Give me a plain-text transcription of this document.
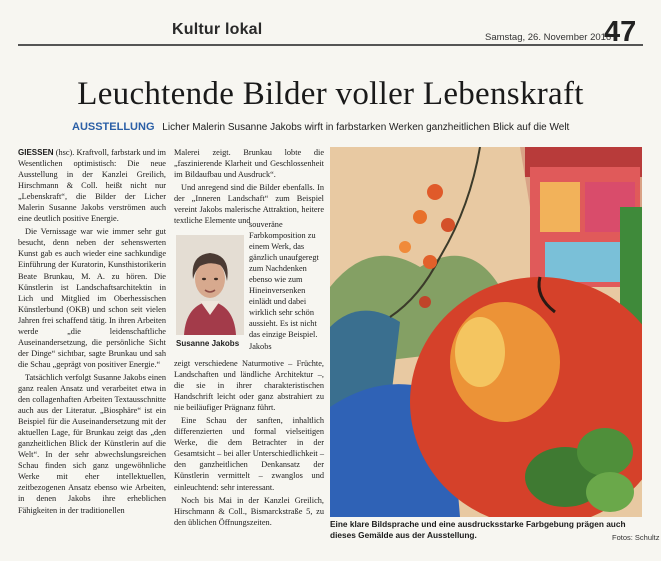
Kultur lokal	Samstag, 26. November 2016
47
Leuchtende Bilder voller Lebenskraft
AUSSTELLUNG Licher Malerin Susanne Jakobs wirft in farbstarken Werken ganzheitlichen Blick auf die Welt

GIESSEN (hsc). Kraftvoll, farbstark und im Wesentlichen optimistisch: Die neue Ausstellung in der Kanzlei Greilich, Hirschmann & Coll. heißt nicht nur „Lebenskraft“, die Bilder der Licher Malerin Susanne Jakobs verströmen auch eine deutlich positive Energie.

Die Vernissage war wie immer sehr gut besucht, denn neben der sehenswerten Kunst gab es auch wieder eine sachkundige Einführung der Kuratorin, Kunsthistorikerin Beate Brunkau, M. A. zu hören. Die Künstlerin ist Landschaftsarchitektin in Lich und Mitglied im Oberhessischen Künstlerbund (OKB) und schon seit vielen Jahren frei schaffend tätig. In ihren Arbeiten werde „die leidenschaftliche Auseinandersetzung, die persönliche Sicht der Dinge“ sichtbar, sagte Brunkau und sah die Schau „geprägt von positiver Energie.“

Tatsächlich verfolgt Susanne Jakobs einen ganz realen Ansatz und verarbeitet etwa in den collagenhaften Arbeiten Textausschnitte auch aus der Literatur. „Biosphäre“ ist ein Beispiel für die Auseinandersetzung mit der aktuellen Lage, für Brunkau zeigt das „den ganzheitlichen Blick der Künstlerin auf die Welt“. In der sehr abwechslungsreichen Schau finden sich ganz ungewöhnliche Werke mit eher intellektuellen, zeitbezogenen Ansatz ebenso wie Arbeiten, in denen Jakobs ihre erheblichen Fähigkeiten in der traditionellen

Malerei zeigt. Brunkau lobte die „faszinierende Klarheit und Geschlossenheit im Bildaufbau und Ausdruck“.

Und anregend sind die Bilder ebenfalls. In der „Inneren Landschaft“ zum Beispiel vereint Jakobs malerische Attraktion, heitere textliche Elemente und

souveräne Farbkomposition zu einem Werk, das gänzlich unaufgeregt zum Nachdenken ebenso wie zum Hineinversenken einlädt und dabei wirklich sehr schön aussieht. Es ist nicht das einzige Beispiel. Jakobs

zeigt verschiedene Naturmotive – Früchte, Landschaften und ländliche Architektur –, die sie in ihrer charakteristischen Handschrift leicht oder ganz abstrahiert zu nie beiläufiger Prägnanz führt.

Eine Schau der sanften, inhaltlich differenzierten und formal vielseitigen Werke, die dem Betrachter in der Gesamtsicht – bei aller Unterschiedlichkeit – den ganzheitlichen Denkansatz der Künstlerin vermittelt – zwanglos und einleuchtend: sehr interessant.

Noch bis Mai in der Kanzlei Greilich, Hirschmann & Coll., Bismarckstraße 5, zu den üblichen Öffnungszeiten.

Susanne Jakobs
Eine klare Bildsprache und eine ausdrucksstarke Farbgebung prägen auch dieses Gemälde aus der Ausstellung.	Fotos: Schultz
